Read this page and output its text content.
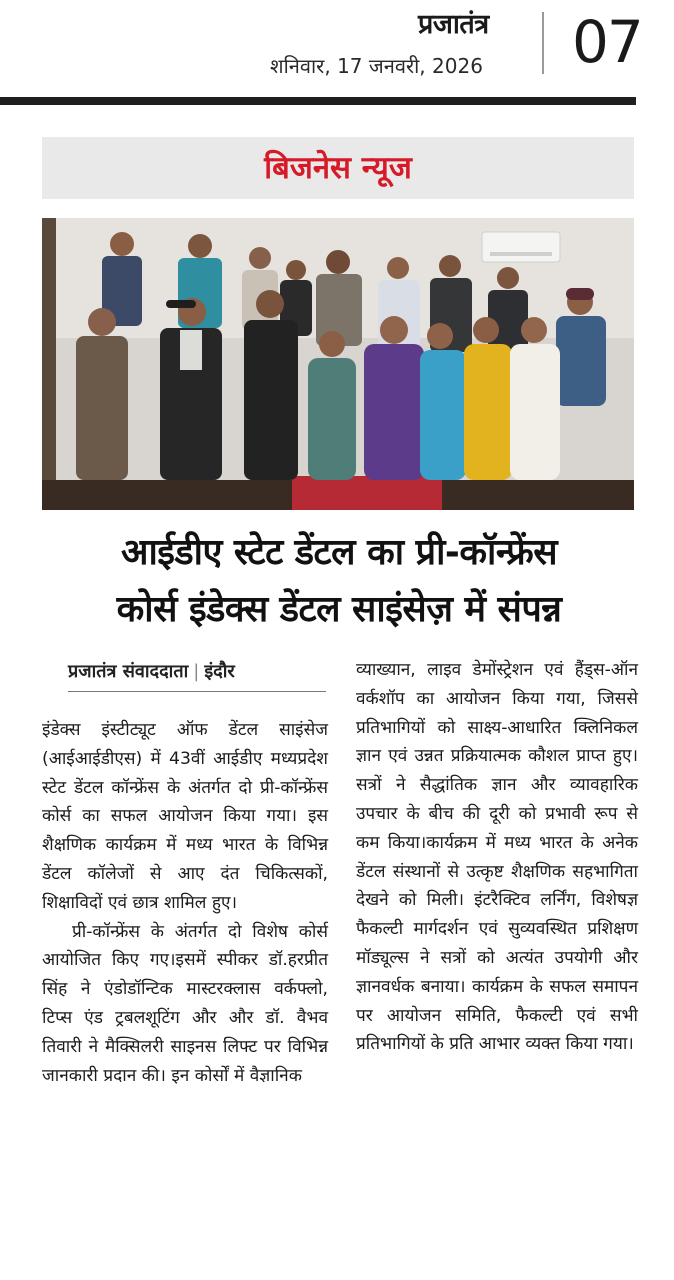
प्रजातंत्र
शनिवार, 17 जनवरी, 2026 07
बिजनेस न्यूज
आईडीए स्टेट डेंटल का प्री-कॉन्फ्रेंस
कोर्स इंडेक्स डेंटल साइंसेज़ में संपन्न
प्रजातंत्र संवाददाता | इंदौर

इंडेक्स इंस्टीट्यूट ऑफ डेंटल साइंसेज (आईआईडीएस) में 43वीं आईडीए मध्यप्रदेश स्टेट डेंटल कॉन्फ्रेंस के अंतर्गत दो प्री-कॉन्फ्रेंस कोर्स का सफल आयोजन किया गया। इस शैक्षणिक कार्यक्रम में मध्य भारत के विभिन्न डेंटल कॉलेजों से आए दंत चिकित्सकों, शिक्षाविदों एवं छात्र शामिल हुए।

प्री-कॉन्फ्रेंस के अंतर्गत दो विशेष कोर्स आयोजित किए गए।इसमें स्पीकर डॉ.हरप्रीत सिंह ने एंडोडॉन्टिक मास्टरक्लास वर्कफ्लो, टिप्स एंड ट्रबलशूटिंग और और डॉ. वैभव तिवारी ने मैक्सिलरी साइनस लिफ्ट पर विभिन्न जानकारी प्रदान की। इन कोर्सों में वैज्ञानिक

व्याख्यान, लाइव डेमोंस्ट्रेशन एवं हैंड्स-ऑन वर्कशॉप का आयोजन किया गया, जिससे प्रतिभागियों को साक्ष्य-आधारित क्लिनिकल ज्ञान एवं उन्नत प्रक्रियात्मक कौशल प्राप्त हुए। सत्रों ने सैद्धांतिक ज्ञान और व्यावहारिक उपचार के बीच की दूरी को प्रभावी रूप से कम किया।कार्यक्रम में मध्य भारत के अनेक डेंटल संस्थानों से उत्कृष्ट शैक्षणिक सहभागिता देखने को मिली। इंटरैक्टिव लर्निंग, विशेषज्ञ फैकल्टी मार्गदर्शन एवं सुव्यवस्थित प्रशिक्षण मॉड्यूल्स ने सत्रों को अत्यंत उपयोगी और ज्ञानवर्धक बनाया। कार्यक्रम के सफल समापन पर आयोजन समिति, फैकल्टी एवं सभी प्रतिभागियों के प्रति आभार व्यक्त किया गया।
